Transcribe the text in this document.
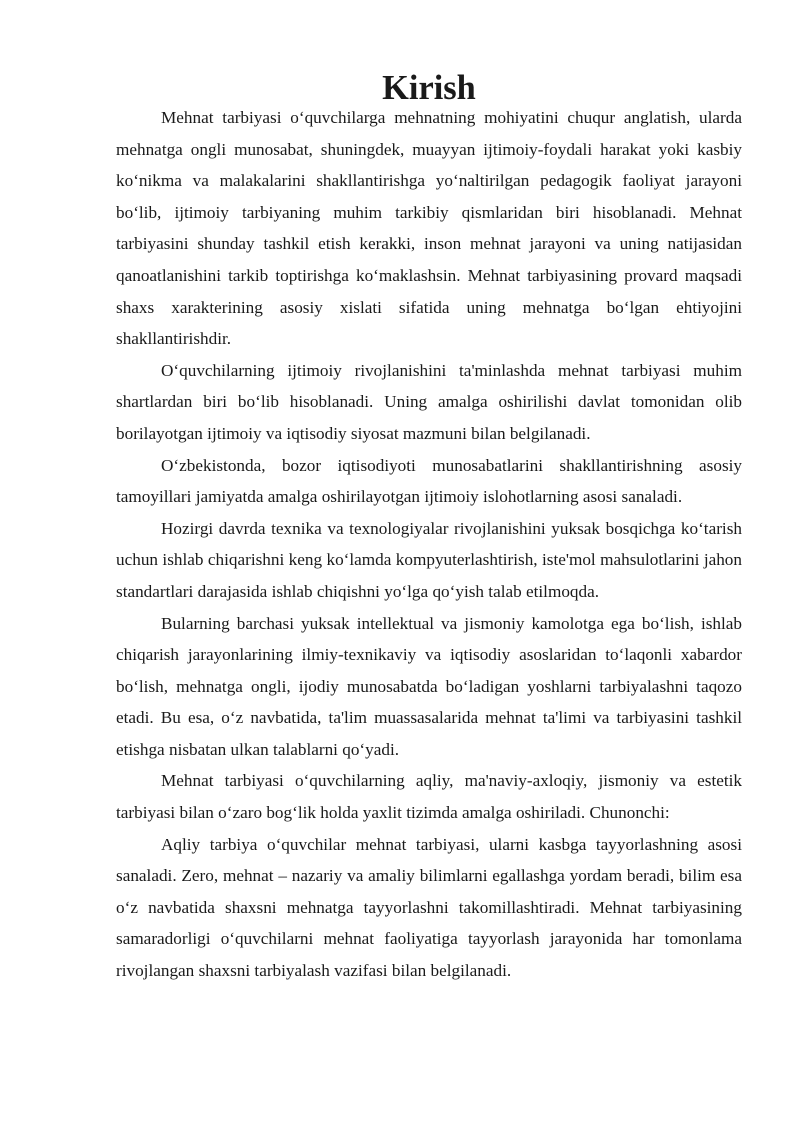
Kirish

Mehnat tarbiyasi oʻquvchilarga mehnatning mohiyatini chuqur anglatish, ularda mehnatga ongli munosabat, shuningdek, muayyan ijtimoiy-foydali harakat yoki kasbiy koʻnikma va malakalarini shakllantirishga yoʻnaltirilgan pedagogik faoliyat jarayoni boʻlib, ijtimoiy tarbiyaning muhim tarkibiy qismlaridan biri hisoblanadi. Mehnat tarbiyasini shunday tashkil etish kerakki, inson mehnat jarayoni va uning natijasidan qanoatlanishini tarkib toptirishga koʻmaklashsin. Mehnat tarbiyasining provard maqsadi shaxs xarakterining asosiy xislati sifatida uning mehnatga boʻlgan ehtiyojini shakllantirishdir.

Oʻquvchilarning ijtimoiy rivojlanishini ta'minlashda mehnat tarbiyasi muhim shartlardan biri boʻlib hisoblanadi. Uning amalga oshirilishi davlat tomonidan olib borilayotgan ijtimoiy va iqtisodiy siyosat mazmuni bilan belgilanadi.

Oʻzbekistonda, bozor iqtisodiyoti munosabatlarini shakllantirishning asosiy tamoyillari jamiyatda amalga oshirilayotgan ijtimoiy islohotlarning asosi sanaladi.

Hozirgi davrda texnika va texnologiyalar rivojlanishini yuksak bosqichga koʻtarish uchun ishlab chiqarishni keng koʻlamda kompyuterlashtirish, iste'mol mahsulotlarini jahon standartlari darajasida ishlab chiqishni yoʻlga qoʻyish talab etilmoqda.

Bularning barchasi yuksak intellektual va jismoniy kamolotga ega boʻlish, ishlab chiqarish jarayonlarining ilmiy-texnikaviy va iqtisodiy asoslaridan toʻlaqonli xabardor boʻlish, mehnatga ongli, ijodiy munosabatda boʻladigan yoshlarni tarbiyalashni taqozo etadi. Bu esa, oʻz navbatida, ta'lim muassasalarida mehnat ta'limi va tarbiyasini tashkil etishga nisbatan ulkan talablarni qoʻyadi.

Mehnat tarbiyasi oʻquvchilarning aqliy, ma'naviy-axloqiy, jismoniy va estetik tarbiyasi bilan oʻzaro bogʻlik holda yaxlit tizimda amalga oshiriladi. Chunonchi:

Aqliy tarbiya oʻquvchilar mehnat tarbiyasi, ularni kasbga tayyorlashning asosi sanaladi. Zero, mehnat – nazariy va amaliy bilimlarni egallashga yordam beradi, bilim esa oʻz navbatida shaxsni mehnatga tayyorlashni takomillashtiradi. Mehnat tarbiyasining samaradorligi oʻquvchilarni mehnat faoliyatiga tayyorlash jarayonida har tomonlama rivojlangan shaxsni tarbiyalash vazifasi bilan belgilanadi.
